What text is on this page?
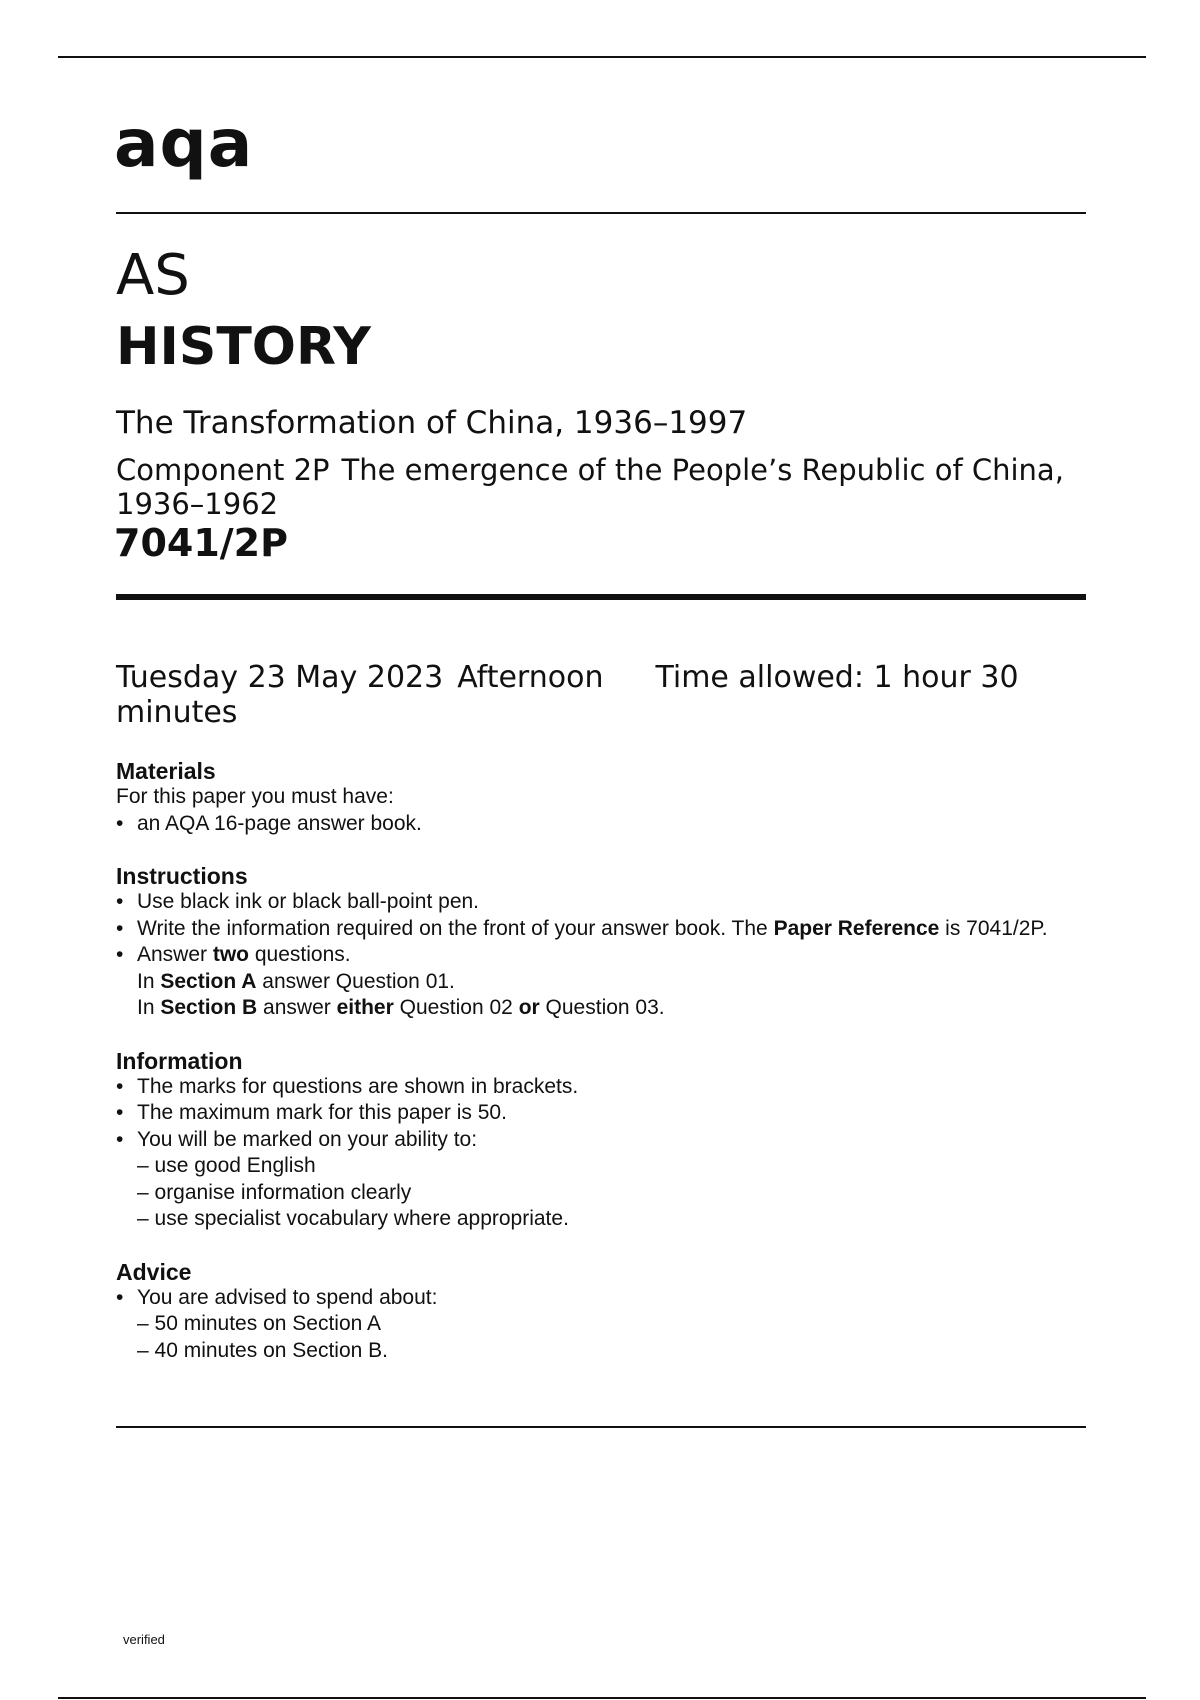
aqa
AS
HISTORY
The Transformation of China, 1936–1997
Component 2P The emergence of the People’s Republic of China, 1936–1962
7041/2P
Tuesday 23 May 2023 Afternoon Time allowed: 1 hour 30 minutes
Materials
For this paper you must have:
• an AQA 16-page answer book.
Instructions
• Use black ink or black ball-point pen.
• Write the information required on the front of your answer book. The Paper Reference is 7041/2P.
• Answer two questions.
In Section A answer Question 01.
In Section B answer either Question 02 or Question 03.
Information
• The marks for questions are shown in brackets.
• The maximum mark for this paper is 50.
• You will be marked on your ability to:
– use good English
– organise information clearly
– use specialist vocabulary where appropriate.
Advice
• You are advised to spend about:
– 50 minutes on Section A
– 40 minutes on Section B.
verified
